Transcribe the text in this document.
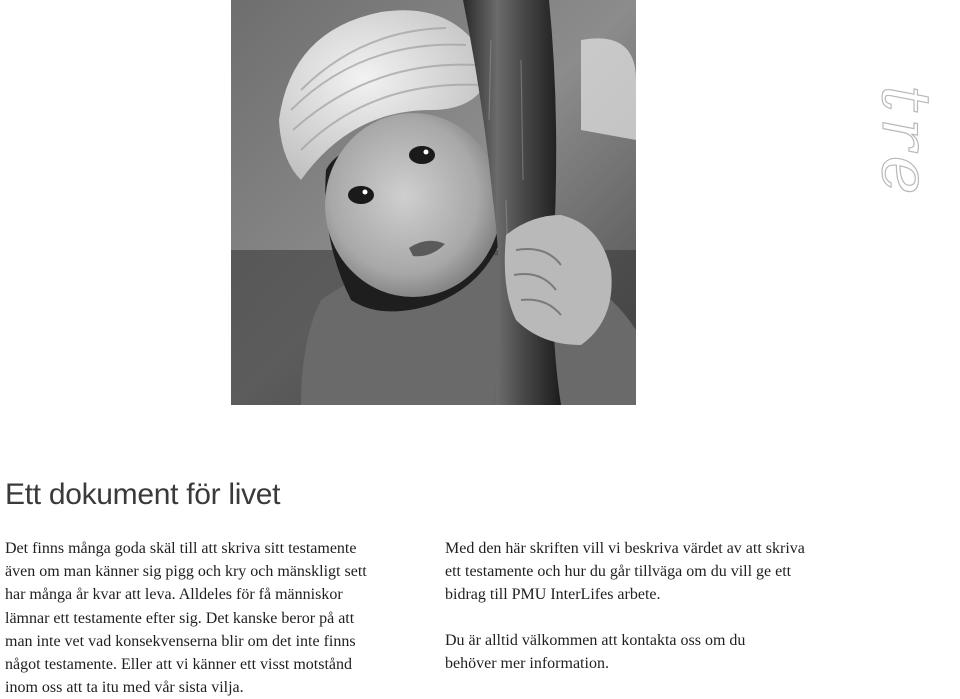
tre
Ett dokument för livet
Det finns många goda skäl till att skriva sitt testamente
även om man känner sig pigg och kry och mänskligt sett
har många år kvar att leva. Alldeles för få människor
lämnar ett testamente efter sig. Det kanske beror på att
man inte vet vad konsekvenserna blir om det inte finns
något testamente. Eller att vi känner ett visst motstånd
inom oss att ta itu med vår sista vilja.
Med den här skriften vill vi beskriva värdet av att skriva
ett testamente och hur du går tillväga om du vill ge ett
bidrag till PMU InterLifes arbete.
Du är alltid välkommen att kontakta oss om du
behöver mer information.
